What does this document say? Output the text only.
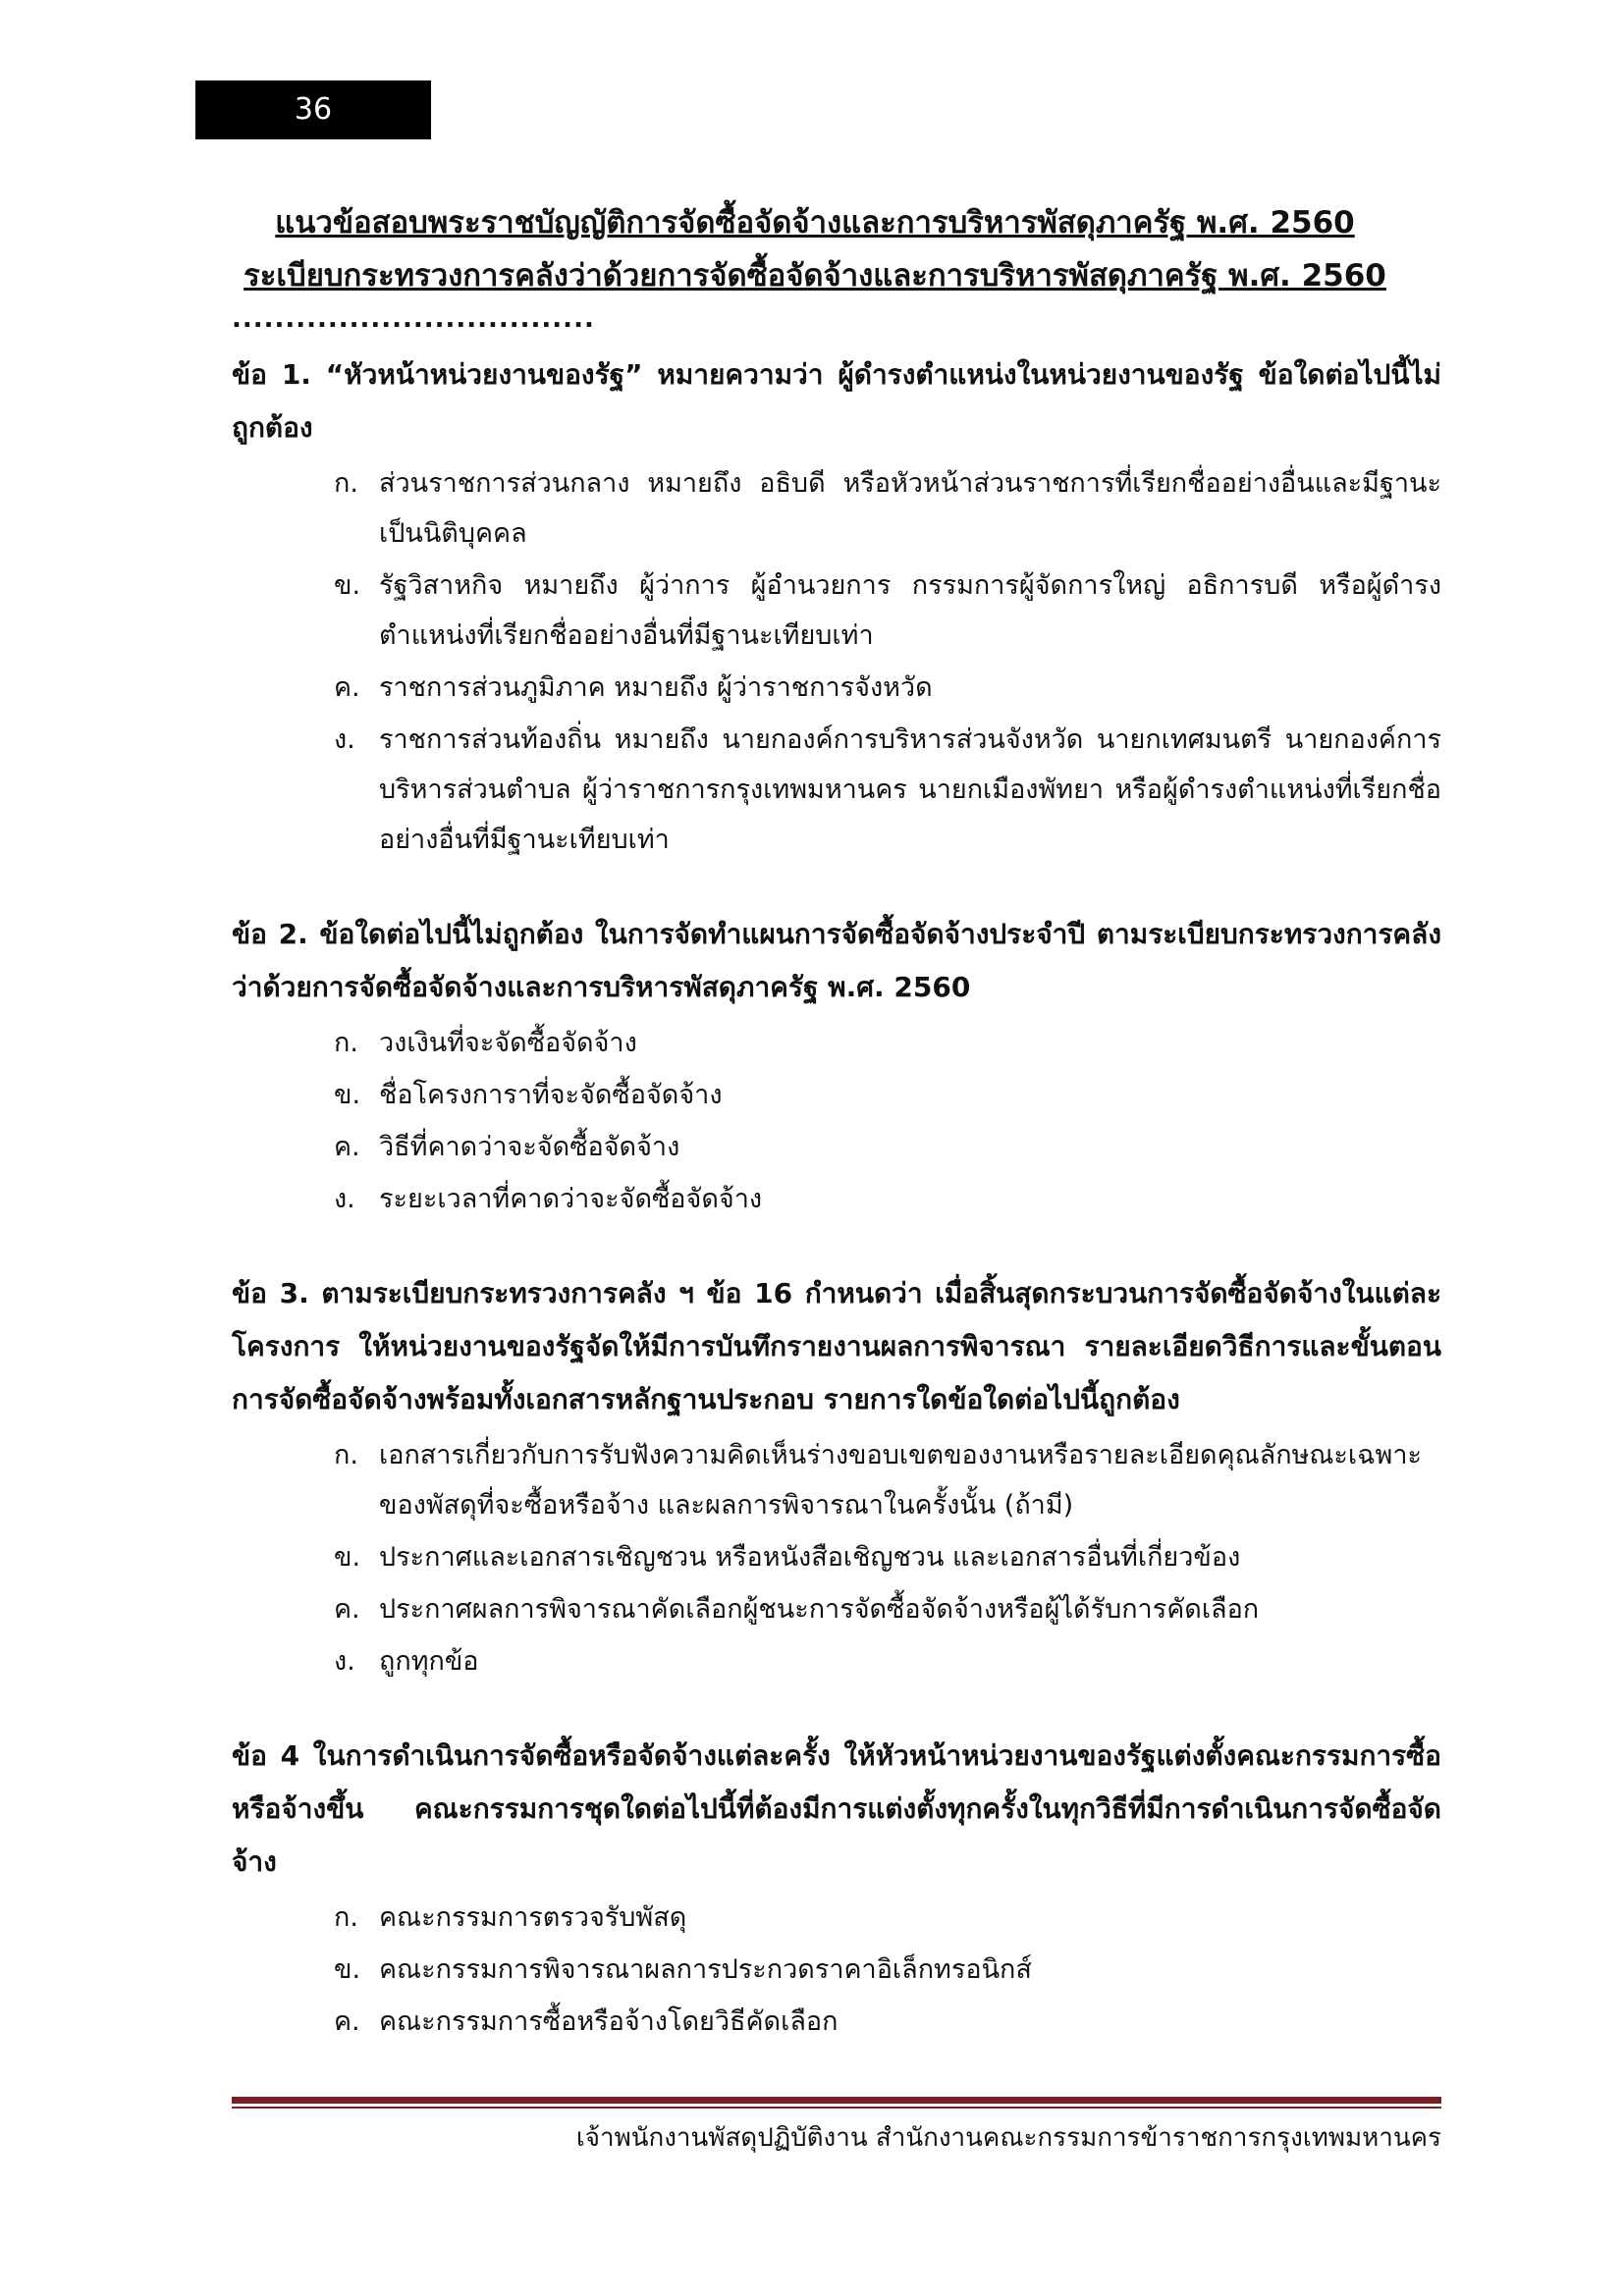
36
แนวข้อสอบพระราชบัญญัติการจัดซื้อจัดจ้างและการบริหารพัสดุภาครัฐ พ.ศ. 2560
ระเบียบกระทรวงการคลังว่าด้วยการจัดซื้อจัดจ้างและการบริหารพัสดุภาครัฐ พ.ศ. 2560
..................................
ข้อ 1. “หัวหน้าหน่วยงานของรัฐ” หมายความว่า ผู้ดำรงตำแหน่งในหน่วยงานของรัฐ ข้อใดต่อไปนี้ไม่ถูกต้อง
ก. ส่วนราชการส่วนกลาง หมายถึง อธิบดี หรือหัวหน้าส่วนราชการที่เรียกชื่ออย่างอื่นและมีฐานะเป็นนิติบุคคล
ข. รัฐวิสาหกิจ หมายถึง ผู้ว่าการ ผู้อำนวยการ กรรมการผู้จัดการใหญ่ อธิการบดี หรือผู้ดำรงตำแหน่งที่เรียกชื่ออย่างอื่นที่มีฐานะเทียบเท่า
ค. ราชการส่วนภูมิภาค หมายถึง ผู้ว่าราชการจังหวัด
ง. ราชการส่วนท้องถิ่น หมายถึง นายกองค์การบริหารส่วนจังหวัด นายกเทศมนตรี นายกองค์การบริหารส่วนตำบล ผู้ว่าราชการกรุงเทพมหานคร นายกเมืองพัทยา หรือผู้ดำรงตำแหน่งที่เรียกชื่ออย่างอื่นที่มีฐานะเทียบเท่า
ข้อ 2. ข้อใดต่อไปนี้ไม่ถูกต้อง ในการจัดทำแผนการจัดซื้อจัดจ้างประจำปี ตามระเบียบกระทรวงการคลังว่าด้วยการจัดซื้อจัดจ้างและการบริหารพัสดุภาครัฐ พ.ศ. 2560
ก. วงเงินที่จะจัดซื้อจัดจ้าง
ข. ชื่อโครงการาที่จะจัดซื้อจัดจ้าง
ค. วิธีที่คาดว่าจะจัดซื้อจัดจ้าง
ง. ระยะเวลาที่คาดว่าจะจัดซื้อจัดจ้าง
ข้อ 3. ตามระเบียบกระทรวงการคลัง ฯ ข้อ 16 กำหนดว่า เมื่อสิ้นสุดกระบวนการจัดซื้อจัดจ้างในแต่ละโครงการ ให้หน่วยงานของรัฐจัดให้มีการบันทึกรายงานผลการพิจารณา รายละเอียดวิธีการและขั้นตอนการจัดซื้อจัดจ้างพร้อมทั้งเอกสารหลักฐานประกอบ รายการใดข้อใดต่อไปนี้ถูกต้อง
ก. เอกสารเกี่ยวกับการรับฟังความคิดเห็นร่างขอบเขตของงานหรือรายละเอียดคุณลักษณะเฉพาะของพัสดุที่จะซื้อหรือจ้าง และผลการพิจารณาในครั้งนั้น (ถ้ามี)
ข. ประกาศและเอกสารเชิญชวน หรือหนังสือเชิญชวน และเอกสารอื่นที่เกี่ยวข้อง
ค. ประกาศผลการพิจารณาคัดเลือกผู้ชนะการจัดซื้อจัดจ้างหรือผู้ได้รับการคัดเลือก
ง. ถูกทุกข้อ
ข้อ 4 ในการดำเนินการจัดซื้อหรือจัดจ้างแต่ละครั้ง ให้หัวหน้าหน่วยงานของรัฐแต่งตั้งคณะกรรมการซื้อหรือจ้างขึ้น คณะกรรมการชุดใดต่อไปนี้ที่ต้องมีการแต่งตั้งทุกครั้งในทุกวิธีที่มีการดำเนินการจัดซื้อจัดจ้าง
ก. คณะกรรมการตรวจรับพัสดุ
ข. คณะกรรมการพิจารณาผลการประกวดราคาอิเล็กทรอนิกส์
ค. คณะกรรมการซื้อหรือจ้างโดยวิธีคัดเลือก
เจ้าพนักงานพัสดุปฏิบัติงาน สำนักงานคณะกรรมการข้าราชการกรุงเทพมหานคร
